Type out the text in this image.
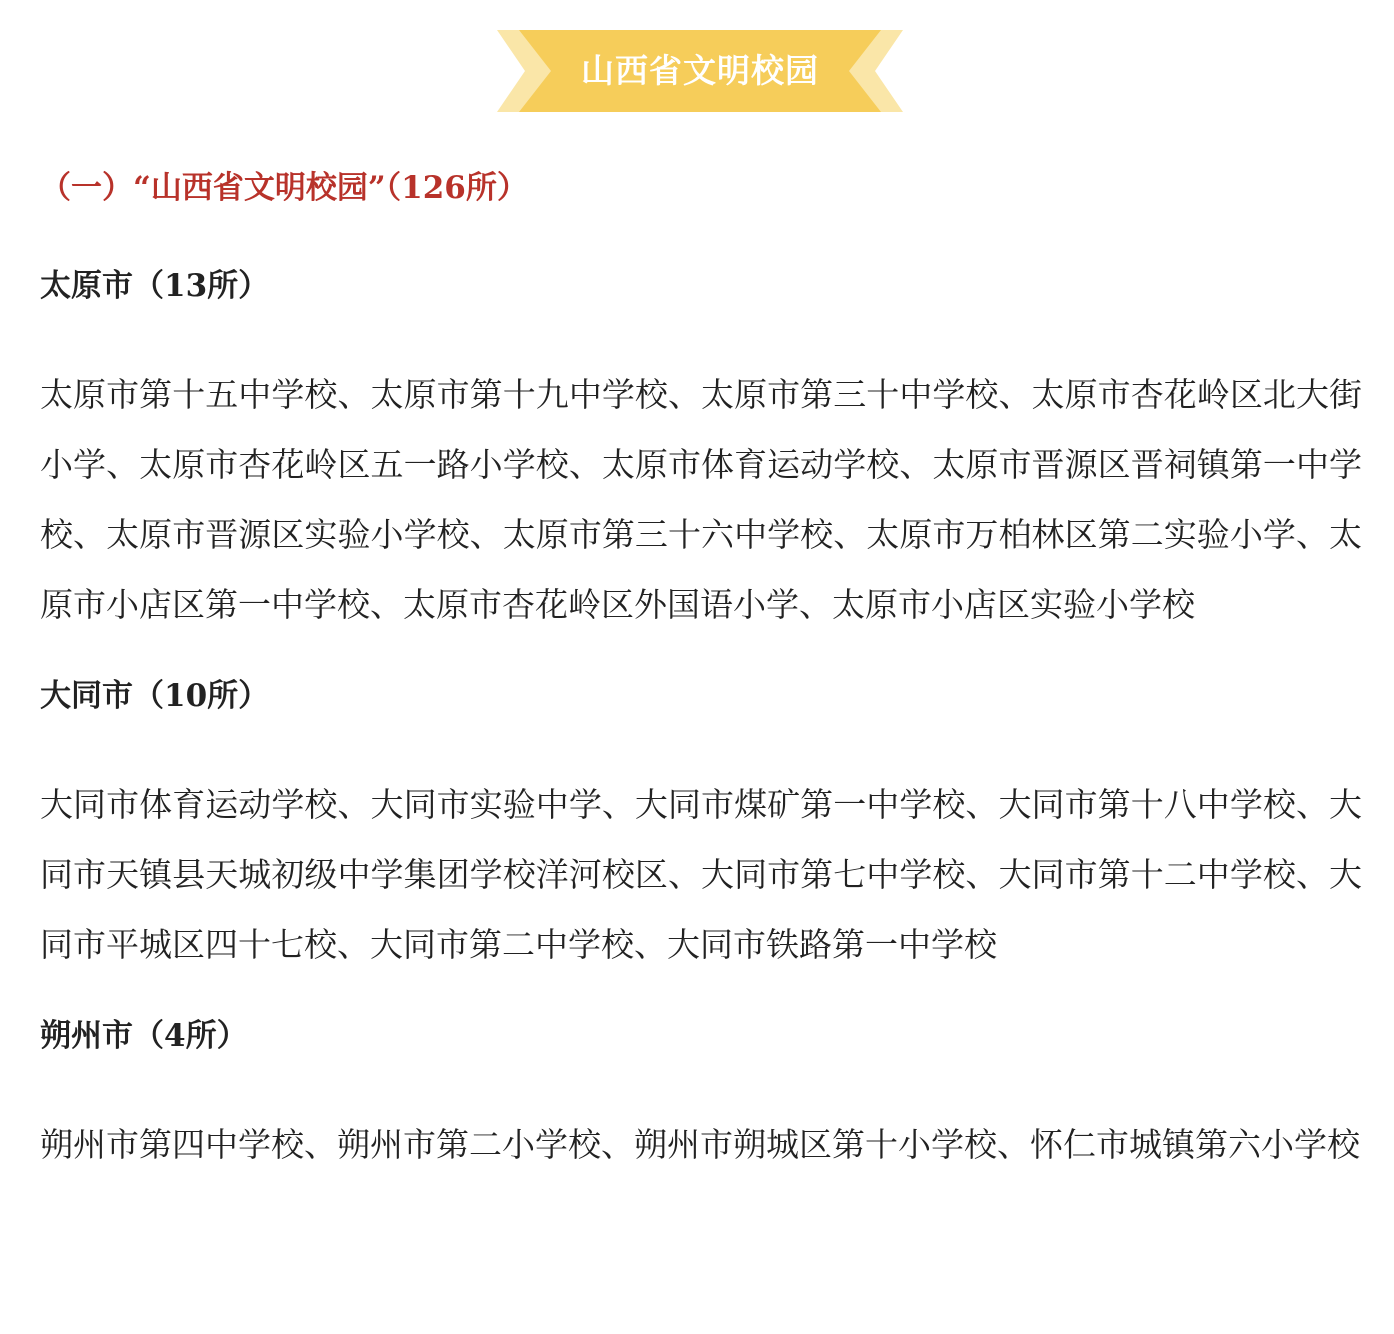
山西省文明校园
（一）“山西省文明校园”（126所）
太原市（13所）
太原市第十五中学校、太原市第十九中学校、太原市第三十中学校、太原市杏花岭区北大街小学、太原市杏花岭区五一路小学校、太原市体育运动学校、太原市晋源区晋祠镇第一中学校、太原市晋源区实验小学校、太原市第三十六中学校、太原市万柏林区第二实验小学、太原市小店区第一中学校、太原市杏花岭区外国语小学、太原市小店区实验小学校
大同市（10所）
大同市体育运动学校、大同市实验中学、大同市煤矿第一中学校、大同市第十八中学校、大同市天镇县天城初级中学集团学校洋河校区、大同市第七中学校、大同市第十二中学校、大同市平城区四十七校、大同市第二中学校、大同市铁路第一中学校
朔州市（4所）
朔州市第四中学校、朔州市第二小学校、朔州市朔城区第十小学校、怀仁市城镇第六小学校
